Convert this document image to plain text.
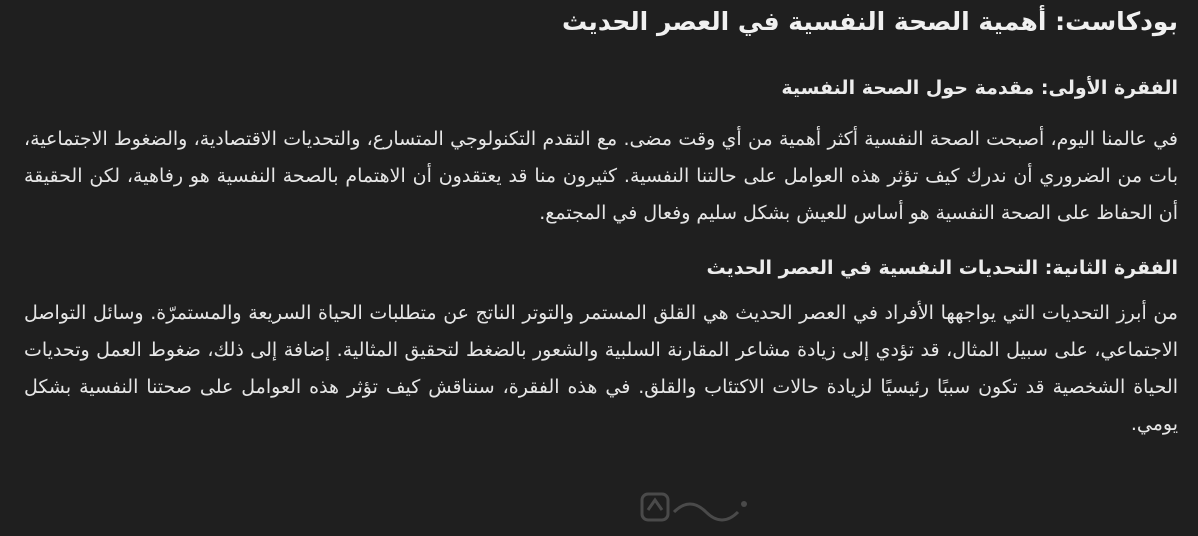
بودكاست: أهمية الصحة النفسية في العصر الحديث
الفقرة الأولى: مقدمة حول الصحة النفسية

في عالمنا اليوم، أصبحت الصحة النفسية أكثر أهمية من أي وقت مضى. مع التقدم التكنولوجي المتسارع، والتحديات الاقتصادية، والضغوط الاجتماعية، بات من الضروري أن ندرك كيف تؤثر هذه العوامل على حالتنا النفسية. كثيرون منا قد يعتقدون أن الاهتمام بالصحة النفسية هو رفاهية، لكن الحقيقة أن الحفاظ على الصحة النفسية هو أساس للعيش بشكل سليم وفعال في المجتمع.

الفقرة الثانية: التحديات النفسية في العصر الحديث

من أبرز التحديات التي يواجهها الأفراد في العصر الحديث هي القلق المستمر والتوتر الناتج عن متطلبات الحياة السريعة والمستمرّة. وسائل التواصل الاجتماعي، على سبيل المثال، قد تؤدي إلى زيادة مشاعر المقارنة السلبية والشعور بالضغط لتحقيق المثالية. إضافة إلى ذلك، ضغوط العمل وتحديات الحياة الشخصية قد تكون سببًا رئيسيًا لزيادة حالات الاكتئاب والقلق. في هذه الفقرة، سنناقش كيف تؤثر هذه العوامل على صحتنا النفسية بشكل يومي.
